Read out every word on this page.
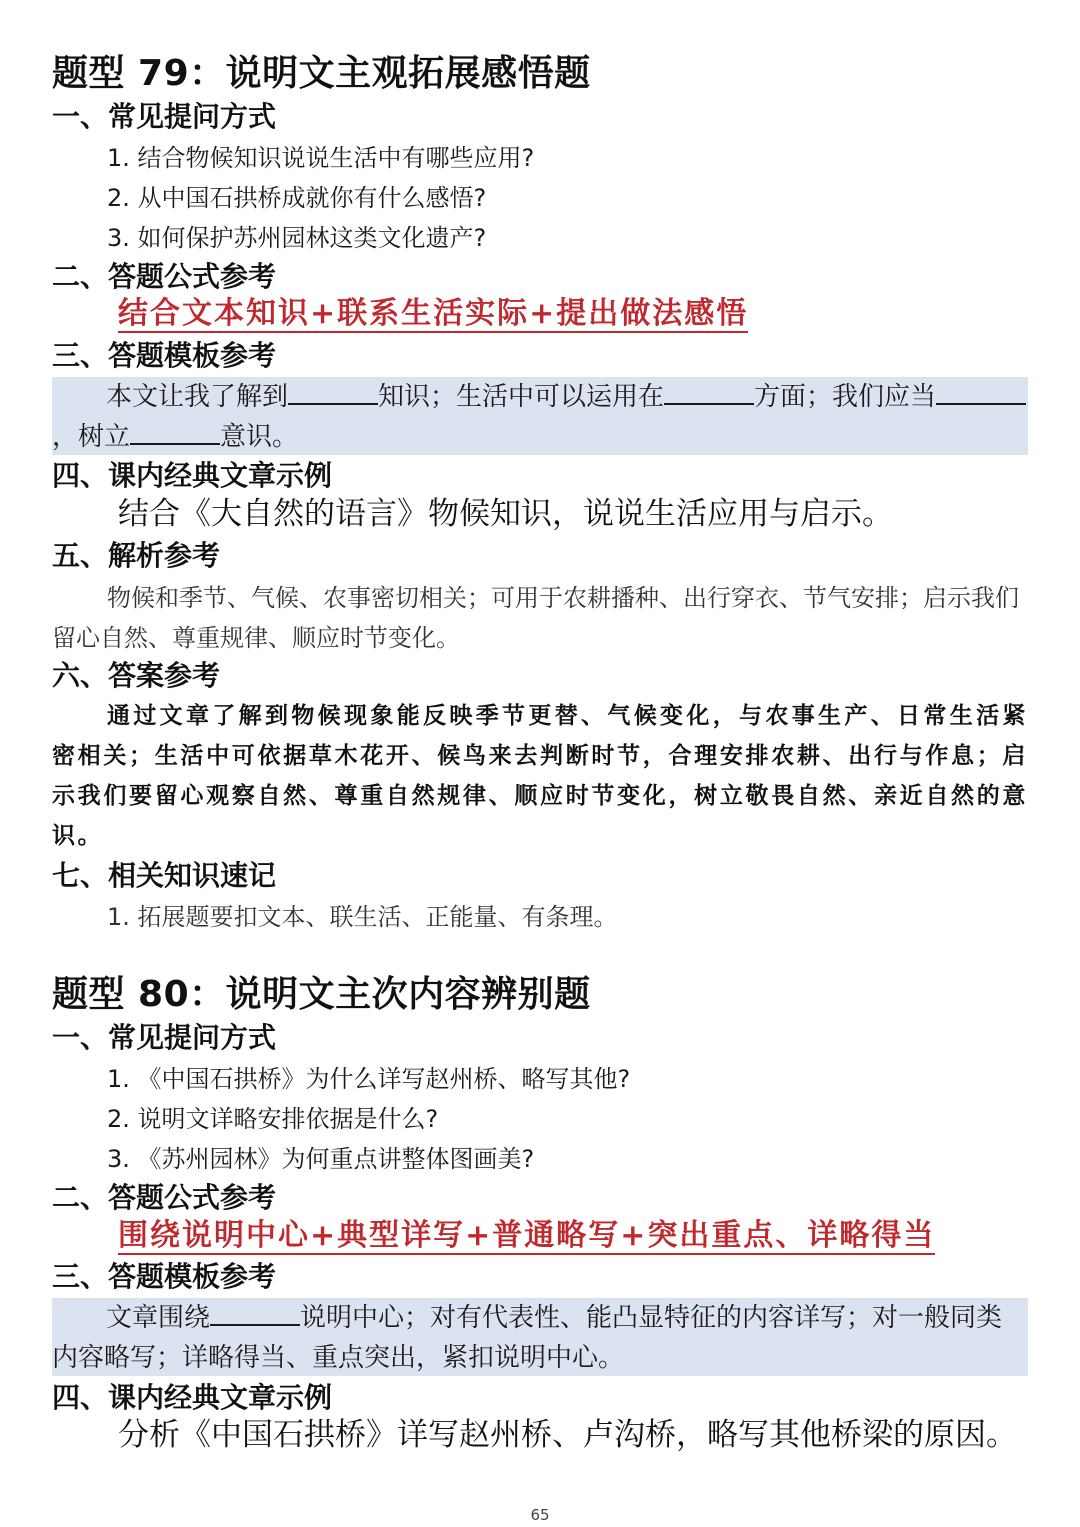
题型 79：说明文主观拓展感悟题
一、常见提问方式
1. 结合物候知识说说生活中有哪些应用?
2. 从中国石拱桥成就你有什么感悟?
3. 如何保护苏州园林这类文化遗产?
二、答题公式参考
结合文本知识+联系生活实际+提出做法感悟
三、答题模板参考
本文让我了解到	知识；生活中可以运用在	方面；我们应当，树立	意识。
四、课内经典文章示例
结合《大自然的语言》物候知识，说说生活应用与启示。
五、解析参考
物候和季节、气候、农事密切相关；可用于农耕播种、出行穿衣、节气安排；启示我们留心自然、尊重规律、顺应时节变化。
六、答案参考
通过文章了解到物候现象能反映季节更替、气候变化，与农事生产、日常生活紧密相关；生活中可依据草木花开、候鸟来去判断时节，合理安排农耕、出行与作息；启示我们要留心观察自然、尊重自然规律、顺应时节变化，树立敬畏自然、亲近自然的意识。
七、相关知识速记
1. 拓展题要扣文本、联生活、正能量、有条理。
题型 80：说明文主次内容辨别题
一、常见提问方式
1. 《中国石拱桥》为什么详写赵州桥、略写其他?
2. 说明文详略安排依据是什么?
3. 《苏州园林》为何重点讲整体图画美?
二、答题公式参考
围绕说明中心+典型详写+普通略写+突出重点、详略得当
三、答题模板参考
文章围绕	说明中心；对有代表性、能凸显特征的内容详写；对一般同类内容略写；详略得当、重点突出，紧扣说明中心。
四、课内经典文章示例
分析《中国石拱桥》详写赵州桥、卢沟桥，略写其他桥梁的原因。
65
